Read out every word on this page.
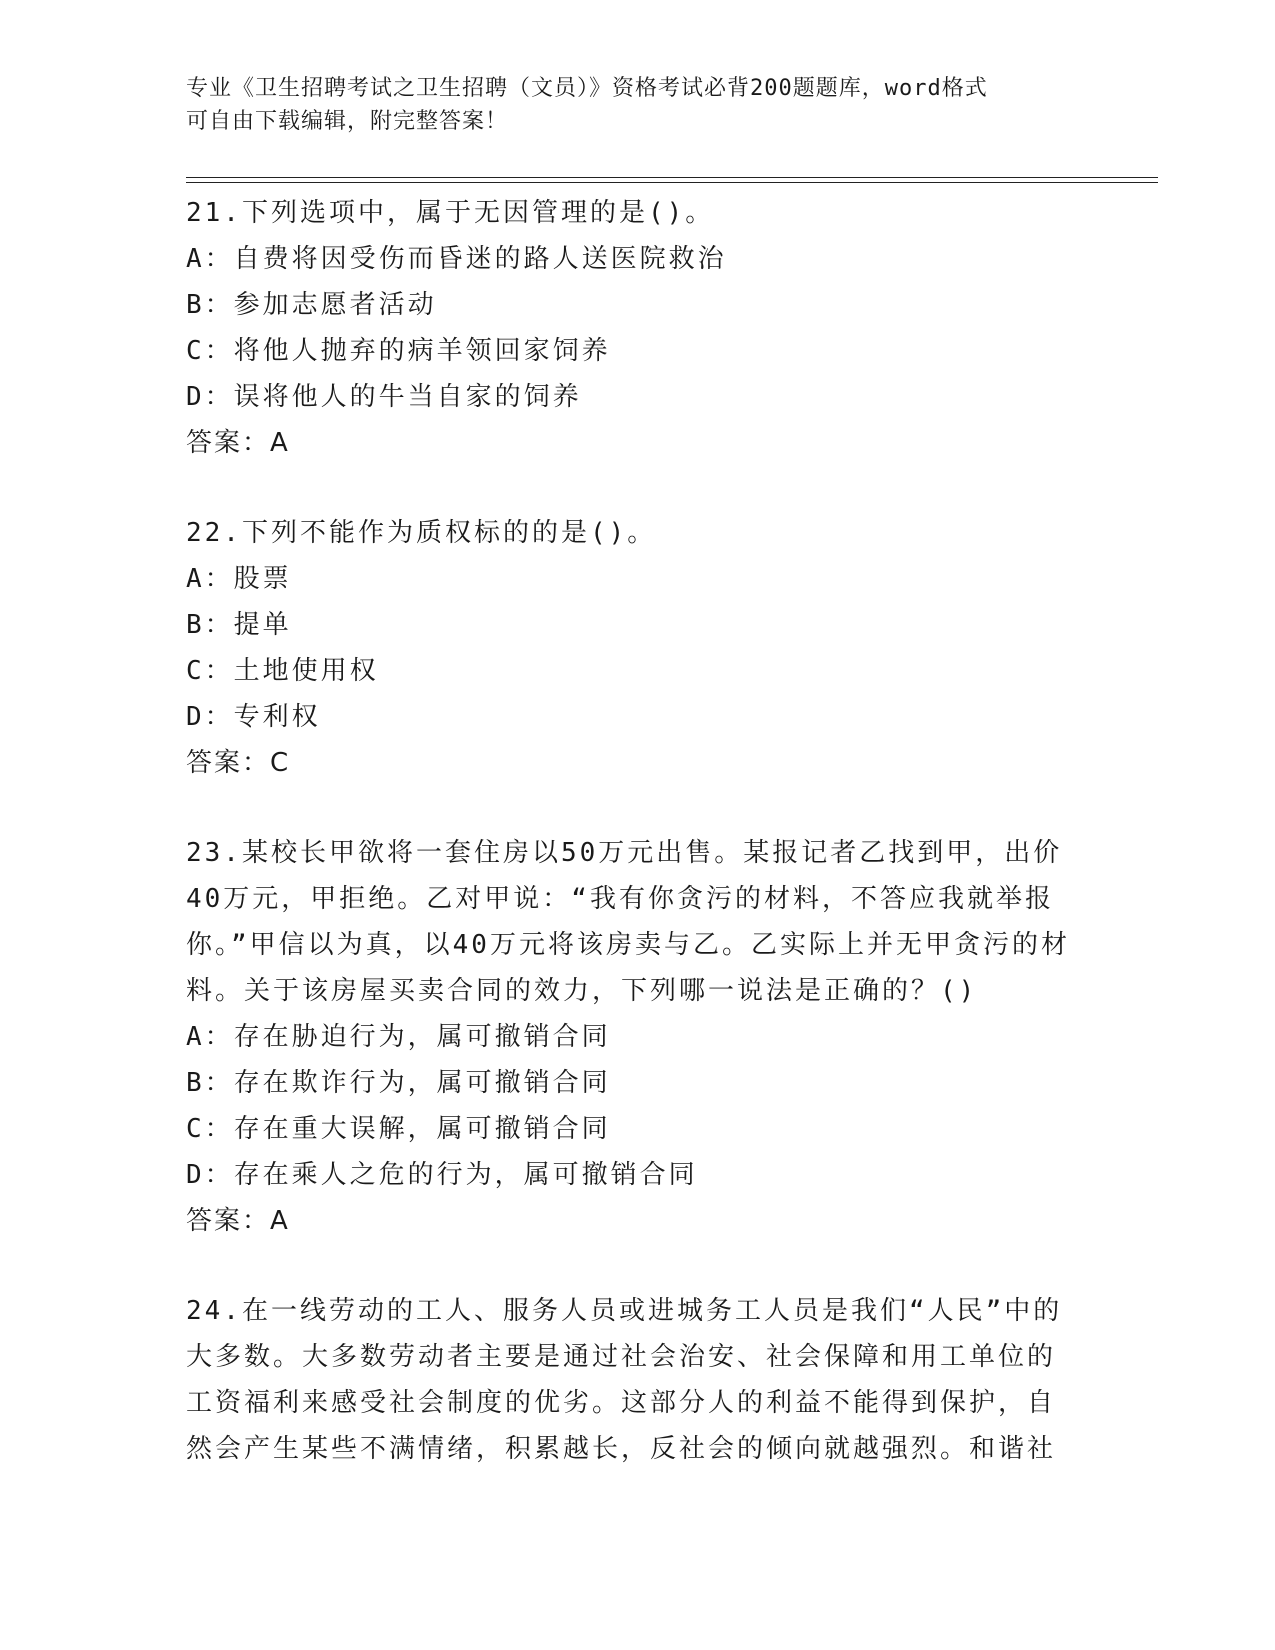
专业《卫生招聘考试之卫生招聘（文员）》资格考试必背200题题库，word格式
可自由下载编辑，附完整答案！

21.下列选项中，属于无因管理的是()。

A：自费将因受伤而昏迷的路人送医院救治

B：参加志愿者活动

C：将他人抛弃的病羊领回家饲养

D：误将他人的牛当自家的饲养

答案：A

22.下列不能作为质权标的的是()。

A：股票

B：提单

C：土地使用权

D：专利权

答案：C

23.某校长甲欲将一套住房以50万元出售。某报记者乙找到甲，出价40万元，甲拒绝。乙对甲说：“我有你贪污的材料，不答应我就举报你。”甲信以为真，以40万元将该房卖与乙。乙实际上并无甲贪污的材料。关于该房屋买卖合同的效力，下列哪一说法是正确的？()

A：存在胁迫行为，属可撤销合同

B：存在欺诈行为，属可撤销合同

C：存在重大误解，属可撤销合同

D：存在乘人之危的行为，属可撤销合同

答案：A

24.在一线劳动的工人、服务人员或进城务工人员是我们“人民”中的大多数。大多数劳动者主要是通过社会治安、社会保障和用工单位的工资福利来感受社会制度的优劣。这部分人的利益不能得到保护，自然会产生某些不满情绪，积累越长，反社会的倾向就越强烈。和谐社
